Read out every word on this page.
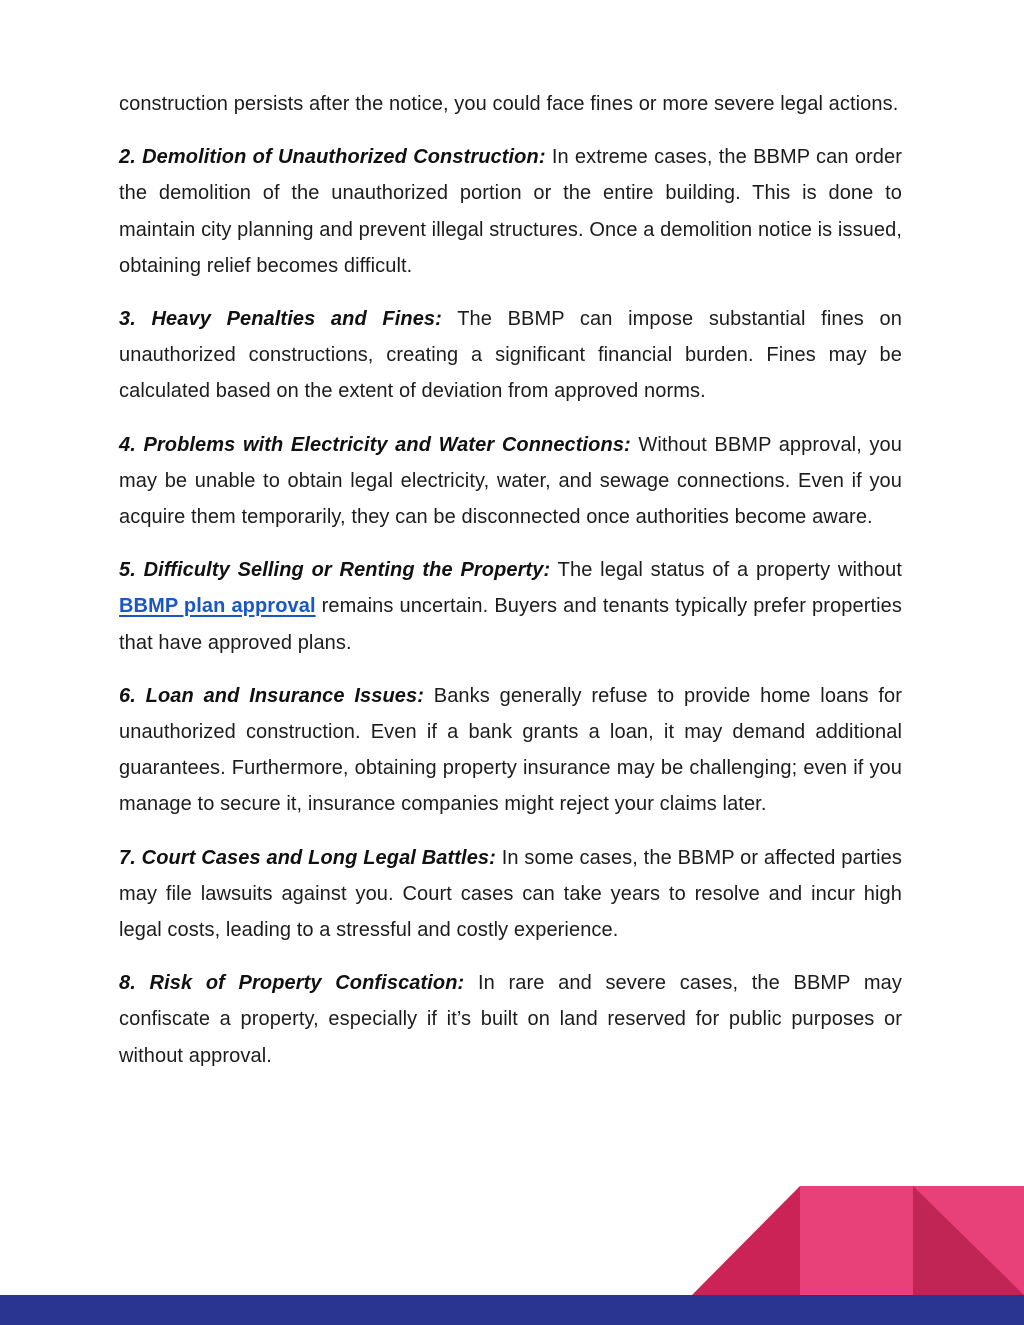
construction persists after the notice, you could face fines or more severe legal actions.

2. Demolition of Unauthorized Construction: In extreme cases, the BBMP can order the demolition of the unauthorized portion or the entire building. This is done to maintain city planning and prevent illegal structures. Once a demolition notice is issued, obtaining relief becomes difficult.

3. Heavy Penalties and Fines: The BBMP can impose substantial fines on unauthorized constructions, creating a significant financial burden. Fines may be calculated based on the extent of deviation from approved norms.

4. Problems with Electricity and Water Connections: Without BBMP approval, you may be unable to obtain legal electricity, water, and sewage connections. Even if you acquire them temporarily, they can be disconnected once authorities become aware.

5. Difficulty Selling or Renting the Property: The legal status of a property without BBMP plan approval remains uncertain. Buyers and tenants typically prefer properties that have approved plans.

6. Loan and Insurance Issues: Banks generally refuse to provide home loans for unauthorized construction. Even if a bank grants a loan, it may demand additional guarantees. Furthermore, obtaining property insurance may be challenging; even if you manage to secure it, insurance companies might reject your claims later.

7. Court Cases and Long Legal Battles: In some cases, the BBMP or affected parties may file lawsuits against you. Court cases can take years to resolve and incur high legal costs, leading to a stressful and costly experience.

8. Risk of Property Confiscation: In rare and severe cases, the BBMP may confiscate a property, especially if it’s built on land reserved for public purposes or without approval.
